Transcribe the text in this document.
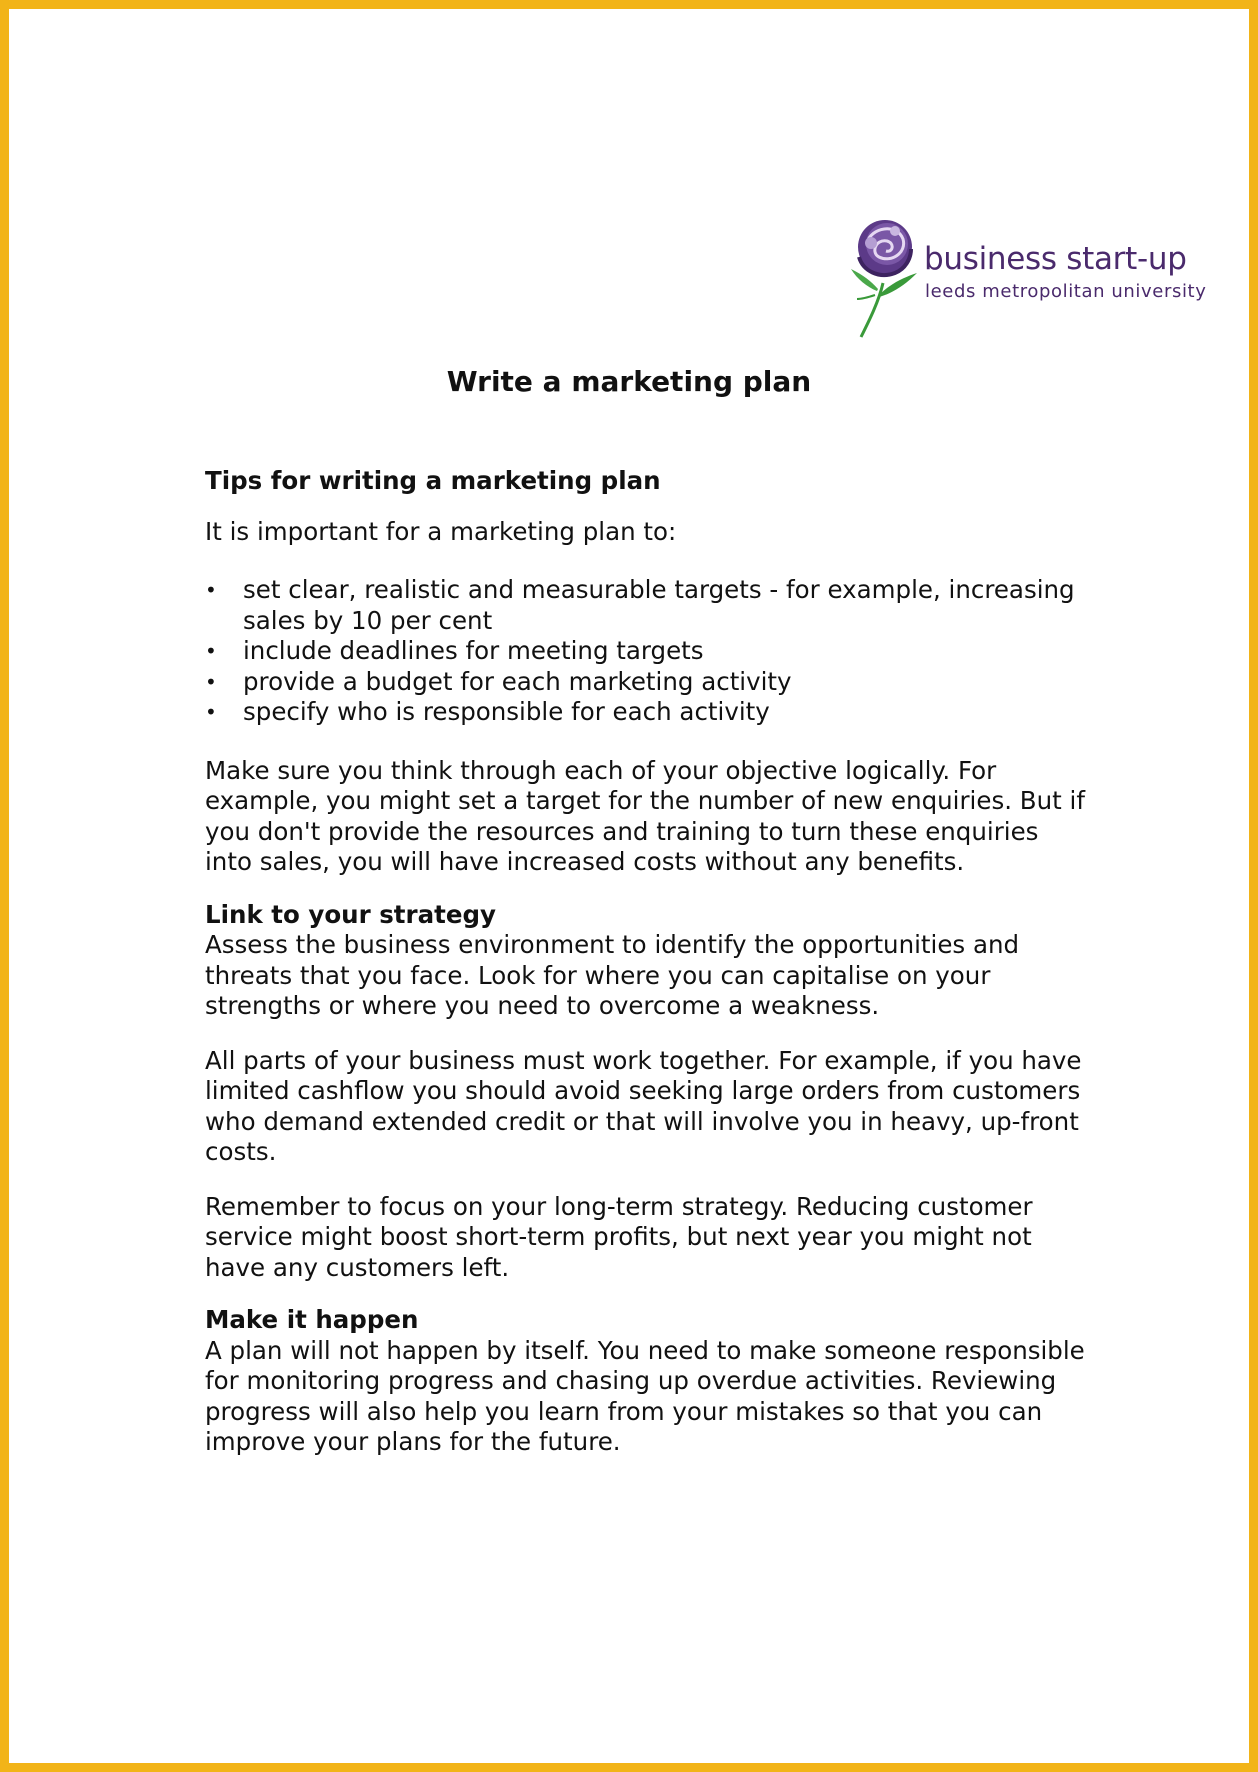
business start-up
leeds metropolitan university
Write a marketing plan
Tips for writing a marketing plan

It is important for a marketing plan to:

• set clear, realistic and measurable targets - for example, increasing sales by 10 per cent
• include deadlines for meeting targets
• provide a budget for each marketing activity
• specify who is responsible for each activity

Make sure you think through each of your objective logically. For example, you might set a target for the number of new enquiries. But if you don't provide the resources and training to turn these enquiries into sales, you will have increased costs without any benefits.

Link to your strategy

Assess the business environment to identify the opportunities and threats that you face. Look for where you can capitalise on your strengths or where you need to overcome a weakness.

All parts of your business must work together. For example, if you have limited cashflow you should avoid seeking large orders from customers who demand extended credit or that will involve you in heavy, up-front costs.

Remember to focus on your long-term strategy. Reducing customer service might boost short-term profits, but next year you might not have any customers left.

Make it happen

A plan will not happen by itself. You need to make someone responsible for monitoring progress and chasing up overdue activities. Reviewing progress will also help you learn from your mistakes so that you can improve your plans for the future.
